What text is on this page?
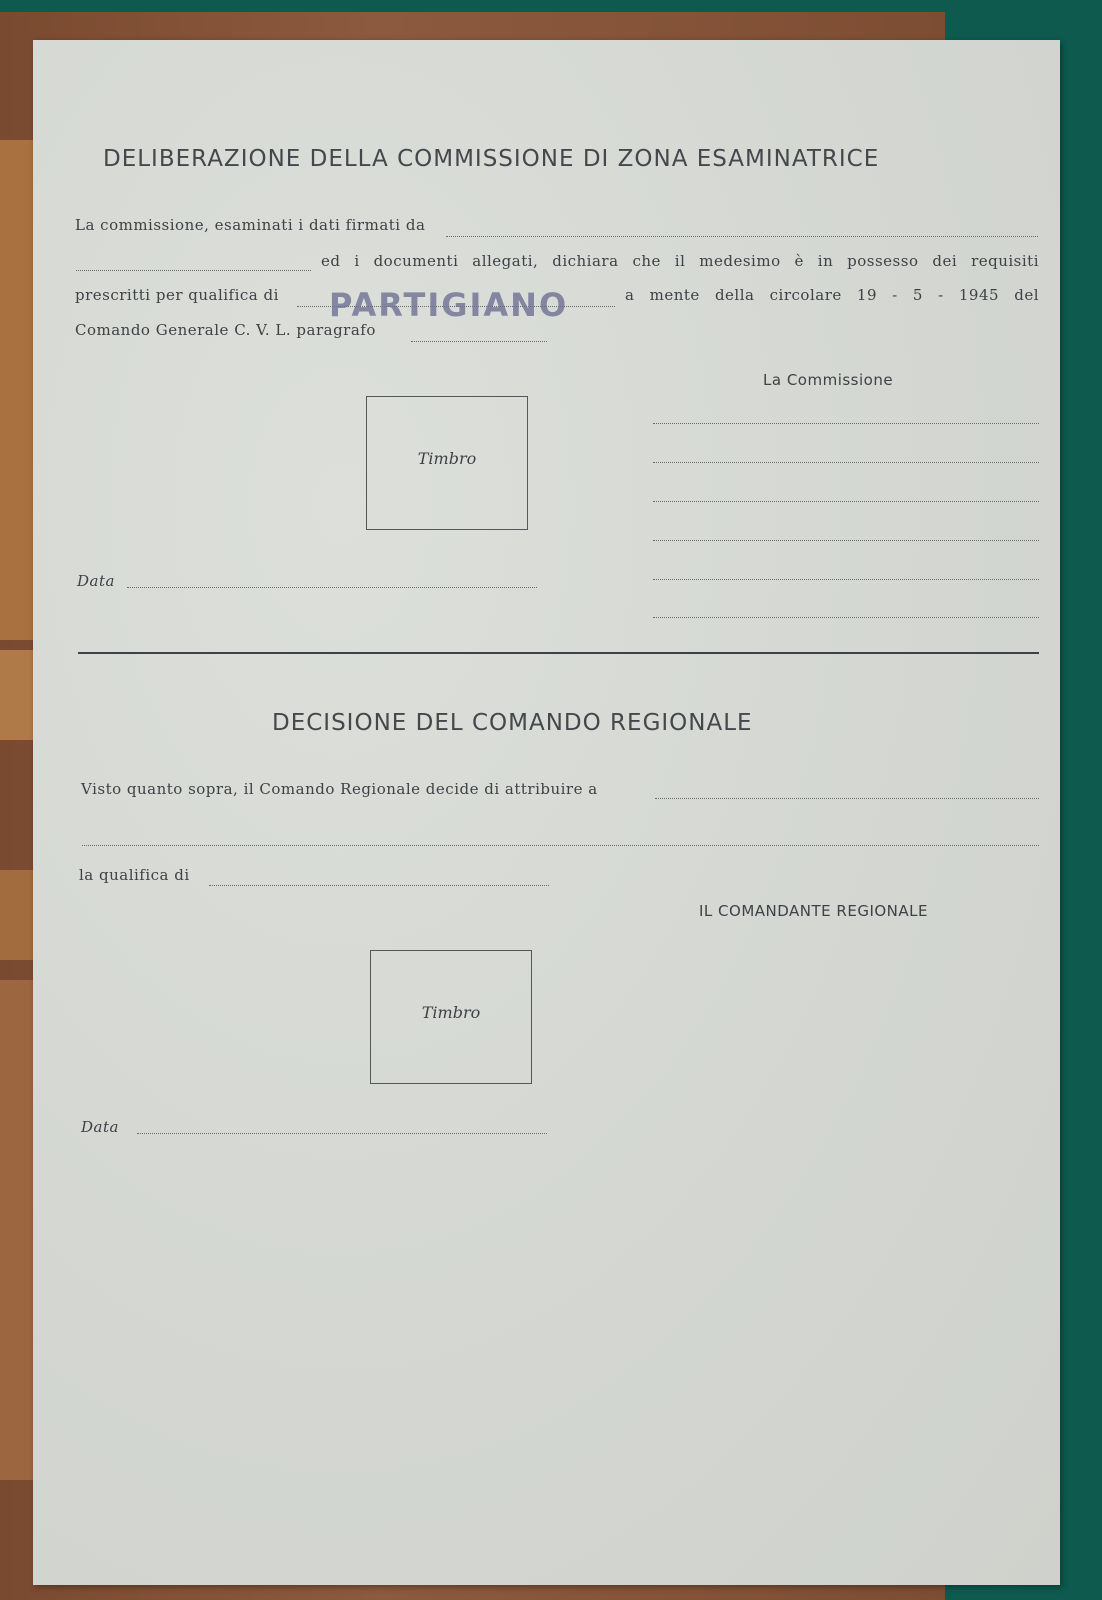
DELIBERAZIONE DELLA COMMISSIONE DI ZONA ESAMINATRICE
La commissione, esaminati i dati firmati da
ed i documenti allegati, dichiara che il medesimo è in possesso dei requisiti
prescritti per qualifica di PARTIGIANO	a mente della circolare 19 - 5 - 1945 del
Comando Generale C. V. L. paragrafo
La Commissione
Timbro
Data
DECISIONE DEL COMANDO REGIONALE
Visto quanto sopra, il Comando Regionale decide di attribuire a
la qualifica di
IL COMANDANTE REGIONALE
Timbro
Data
